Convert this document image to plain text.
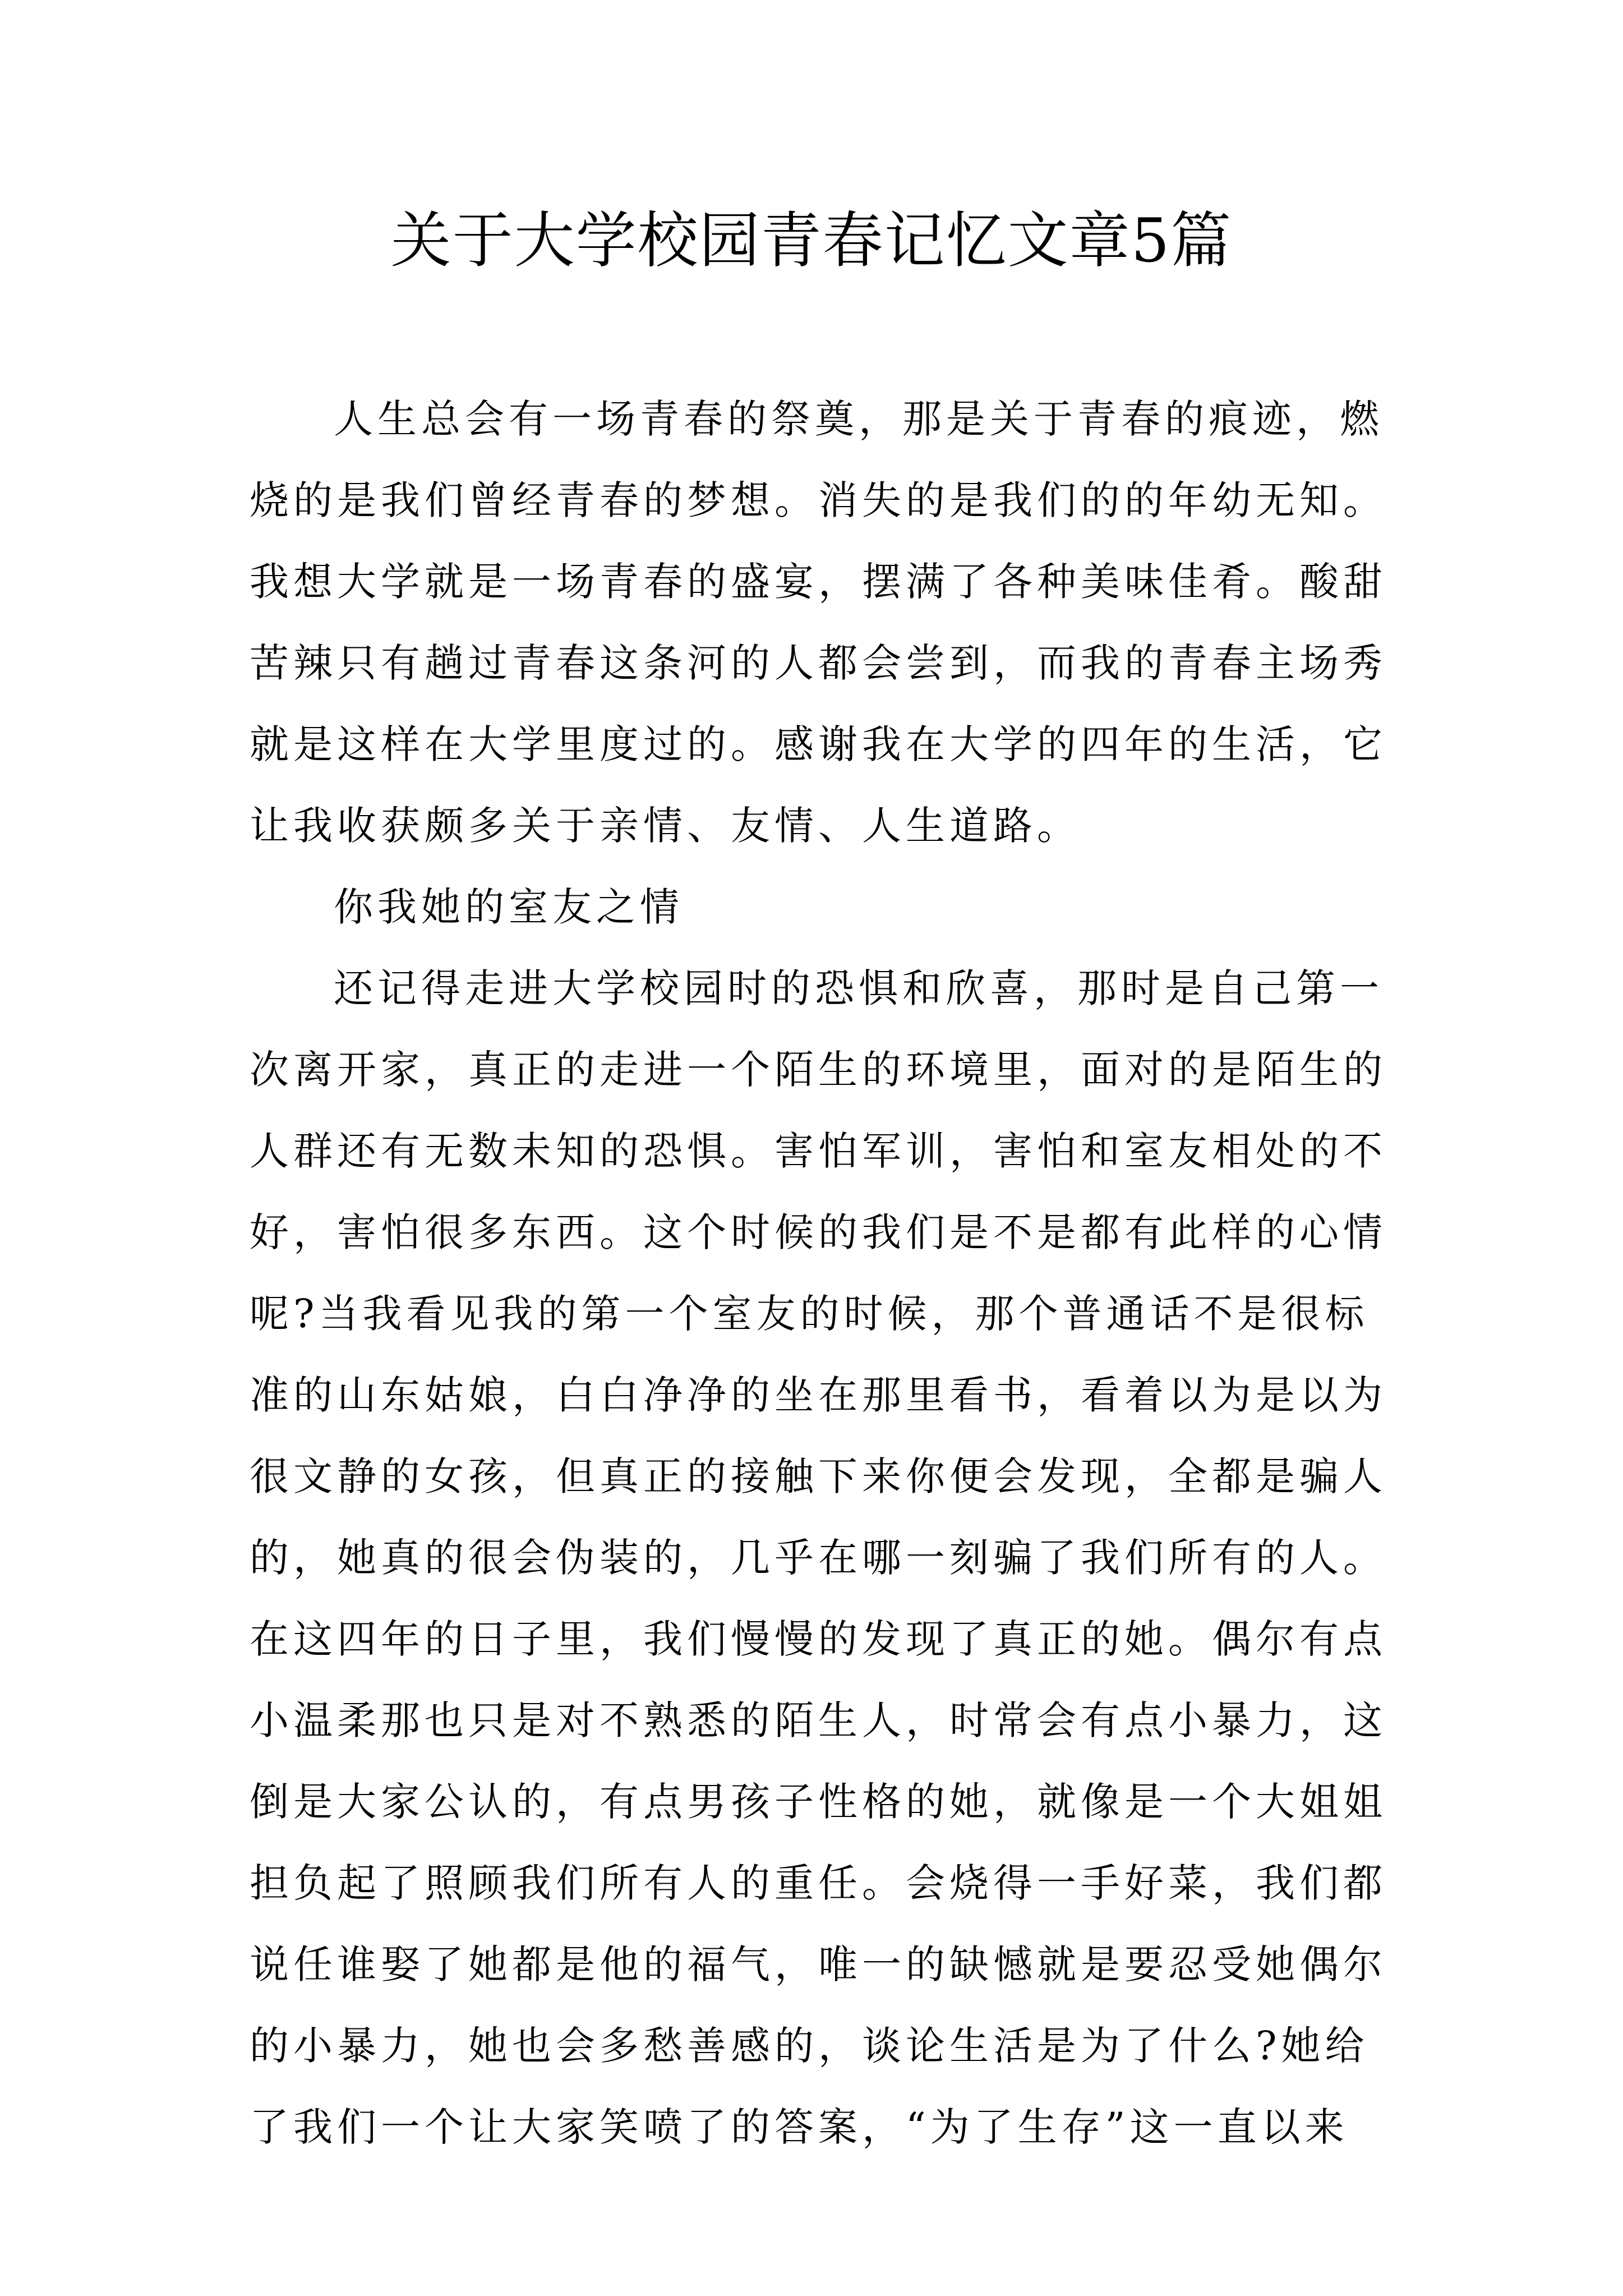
关于大学校园青春记忆文章5篇
人生总会有一场青春的祭奠，那是关于青春的痕迹，燃
烧的是我们曾经青春的梦想。消失的是我们的的年幼无知。
我想大学就是一场青春的盛宴，摆满了各种美味佳肴。酸甜
苦辣只有趟过青春这条河的人都会尝到，而我的青春主场秀
就是这样在大学里度过的。感谢我在大学的四年的生活，它
让我收获颇多关于亲情、友情、人生道路。
你我她的室友之情
还记得走进大学校园时的恐惧和欣喜，那时是自己第一
次离开家，真正的走进一个陌生的环境里，面对的是陌生的
人群还有无数未知的恐惧。害怕军训，害怕和室友相处的不
好，害怕很多东西。这个时候的我们是不是都有此样的心情
呢?当我看见我的第一个室友的时候，那个普通话不是很标
准的山东姑娘，白白净净的坐在那里看书，看着以为是以为
很文静的女孩，但真正的接触下来你便会发现，全都是骗人
的，她真的很会伪装的，几乎在哪一刻骗了我们所有的人。
在这四年的日子里，我们慢慢的发现了真正的她。偶尔有点
小温柔那也只是对不熟悉的陌生人，时常会有点小暴力，这
倒是大家公认的，有点男孩子性格的她，就像是一个大姐姐
担负起了照顾我们所有人的重任。会烧得一手好菜，我们都
说任谁娶了她都是他的福气，唯一的缺憾就是要忍受她偶尔
的小暴力，她也会多愁善感的，谈论生活是为了什么?她给
了我们一个让大家笑喷了的答案，“为了生存”这一直以来
